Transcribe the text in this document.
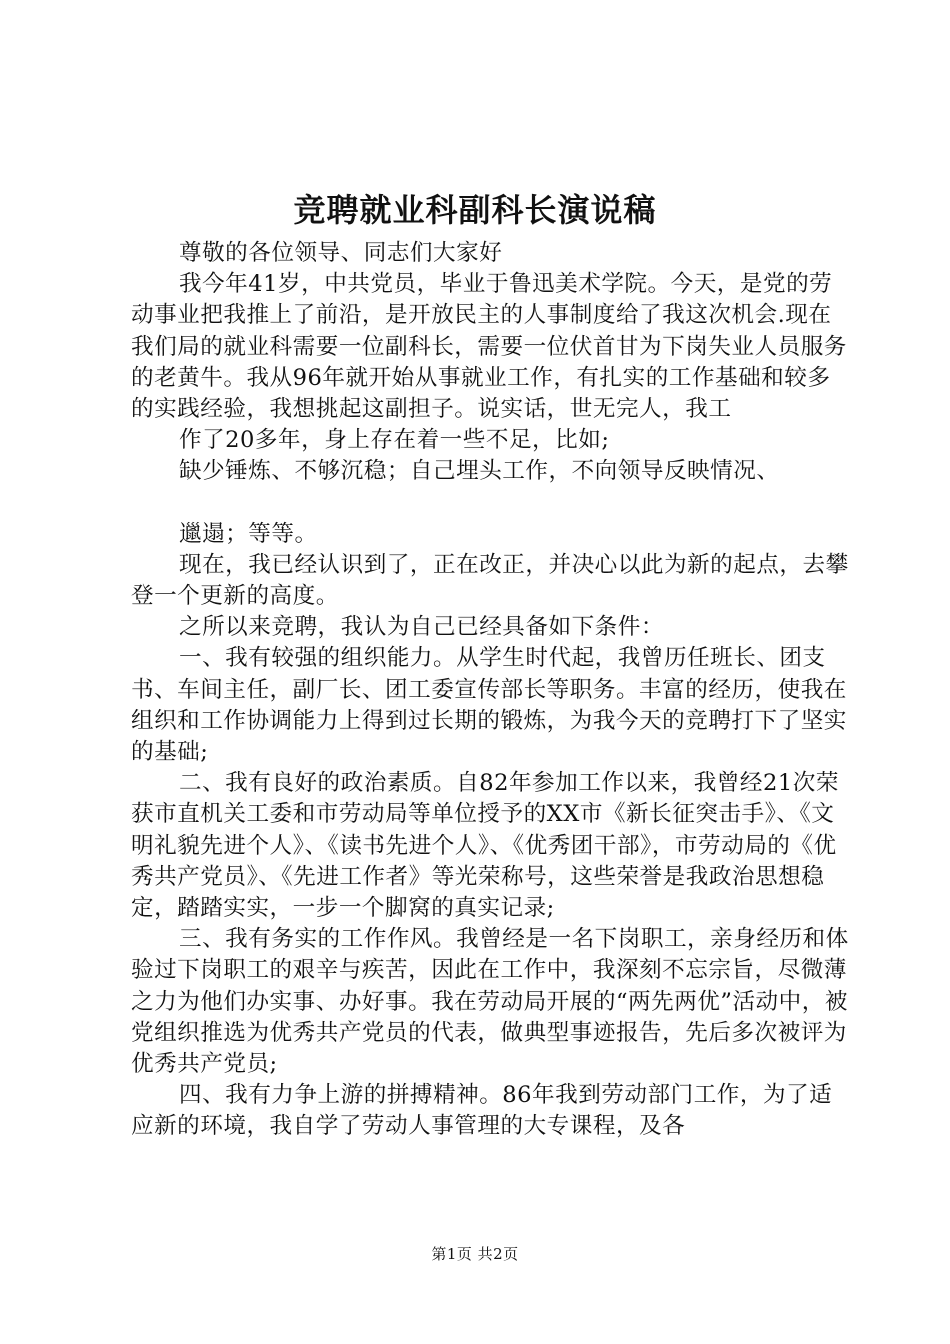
竞聘就业科副科长演说稿

尊敬的各位领导、同志们大家好

我今年41岁，中共党员，毕业于鲁迅美术学院。今天，是党的劳动事业把我推上了前沿，是开放民主的人事制度给了我这次机会.现在我们局的就业科需要一位副科长，需要一位伏首甘为下岗失业人员服务的老黄牛。我从96年就开始从事就业工作，有扎实的工作基础和较多的实践经验，我想挑起这副担子。说实话，世无完人，我工

作了20多年，身上存在着一些不足，比如;

缺少锤炼、不够沉稳；自己埋头工作，不向领导反映情况、

邋遢；等等。

现在，我已经认识到了，正在改正，并决心以此为新的起点，去攀登一个更新的高度。

之所以来竞聘，我认为自己已经具备如下条件：

一、我有较强的组织能力。从学生时代起，我曾历任班长、团支书、车间主任，副厂长、团工委宣传部长等职务。丰富的经历，使我在组织和工作协调能力上得到过长期的锻炼，为我今天的竞聘打下了坚实的基础;

二、我有良好的政治素质。自82年参加工作以来，我曾经21次荣获市直机关工委和市劳动局等单位授予的XX市《新长征突击手》、《文明礼貌先进个人》、《读书先进个人》、《优秀团干部》，市劳动局的《优秀共产党员》、《先进工作者》等光荣称号，这些荣誉是我政治思想稳定，踏踏实实，一步一个脚窝的真实记录;

三、我有务实的工作作风。我曾经是一名下岗职工，亲身经历和体验过下岗职工的艰辛与疾苦，因此在工作中，我深刻不忘宗旨，尽微薄之力为他们办实事、办好事。我在劳动局开展的“两先两优”活动中，被党组织推选为优秀共产党员的代表，做典型事迹报告，先后多次被评为优秀共产党员;

四、我有力争上游的拼搏精神。86年我到劳动部门工作，为了适应新的环境，我自学了劳动人事管理的大专课程，及各

第1页 共2页
